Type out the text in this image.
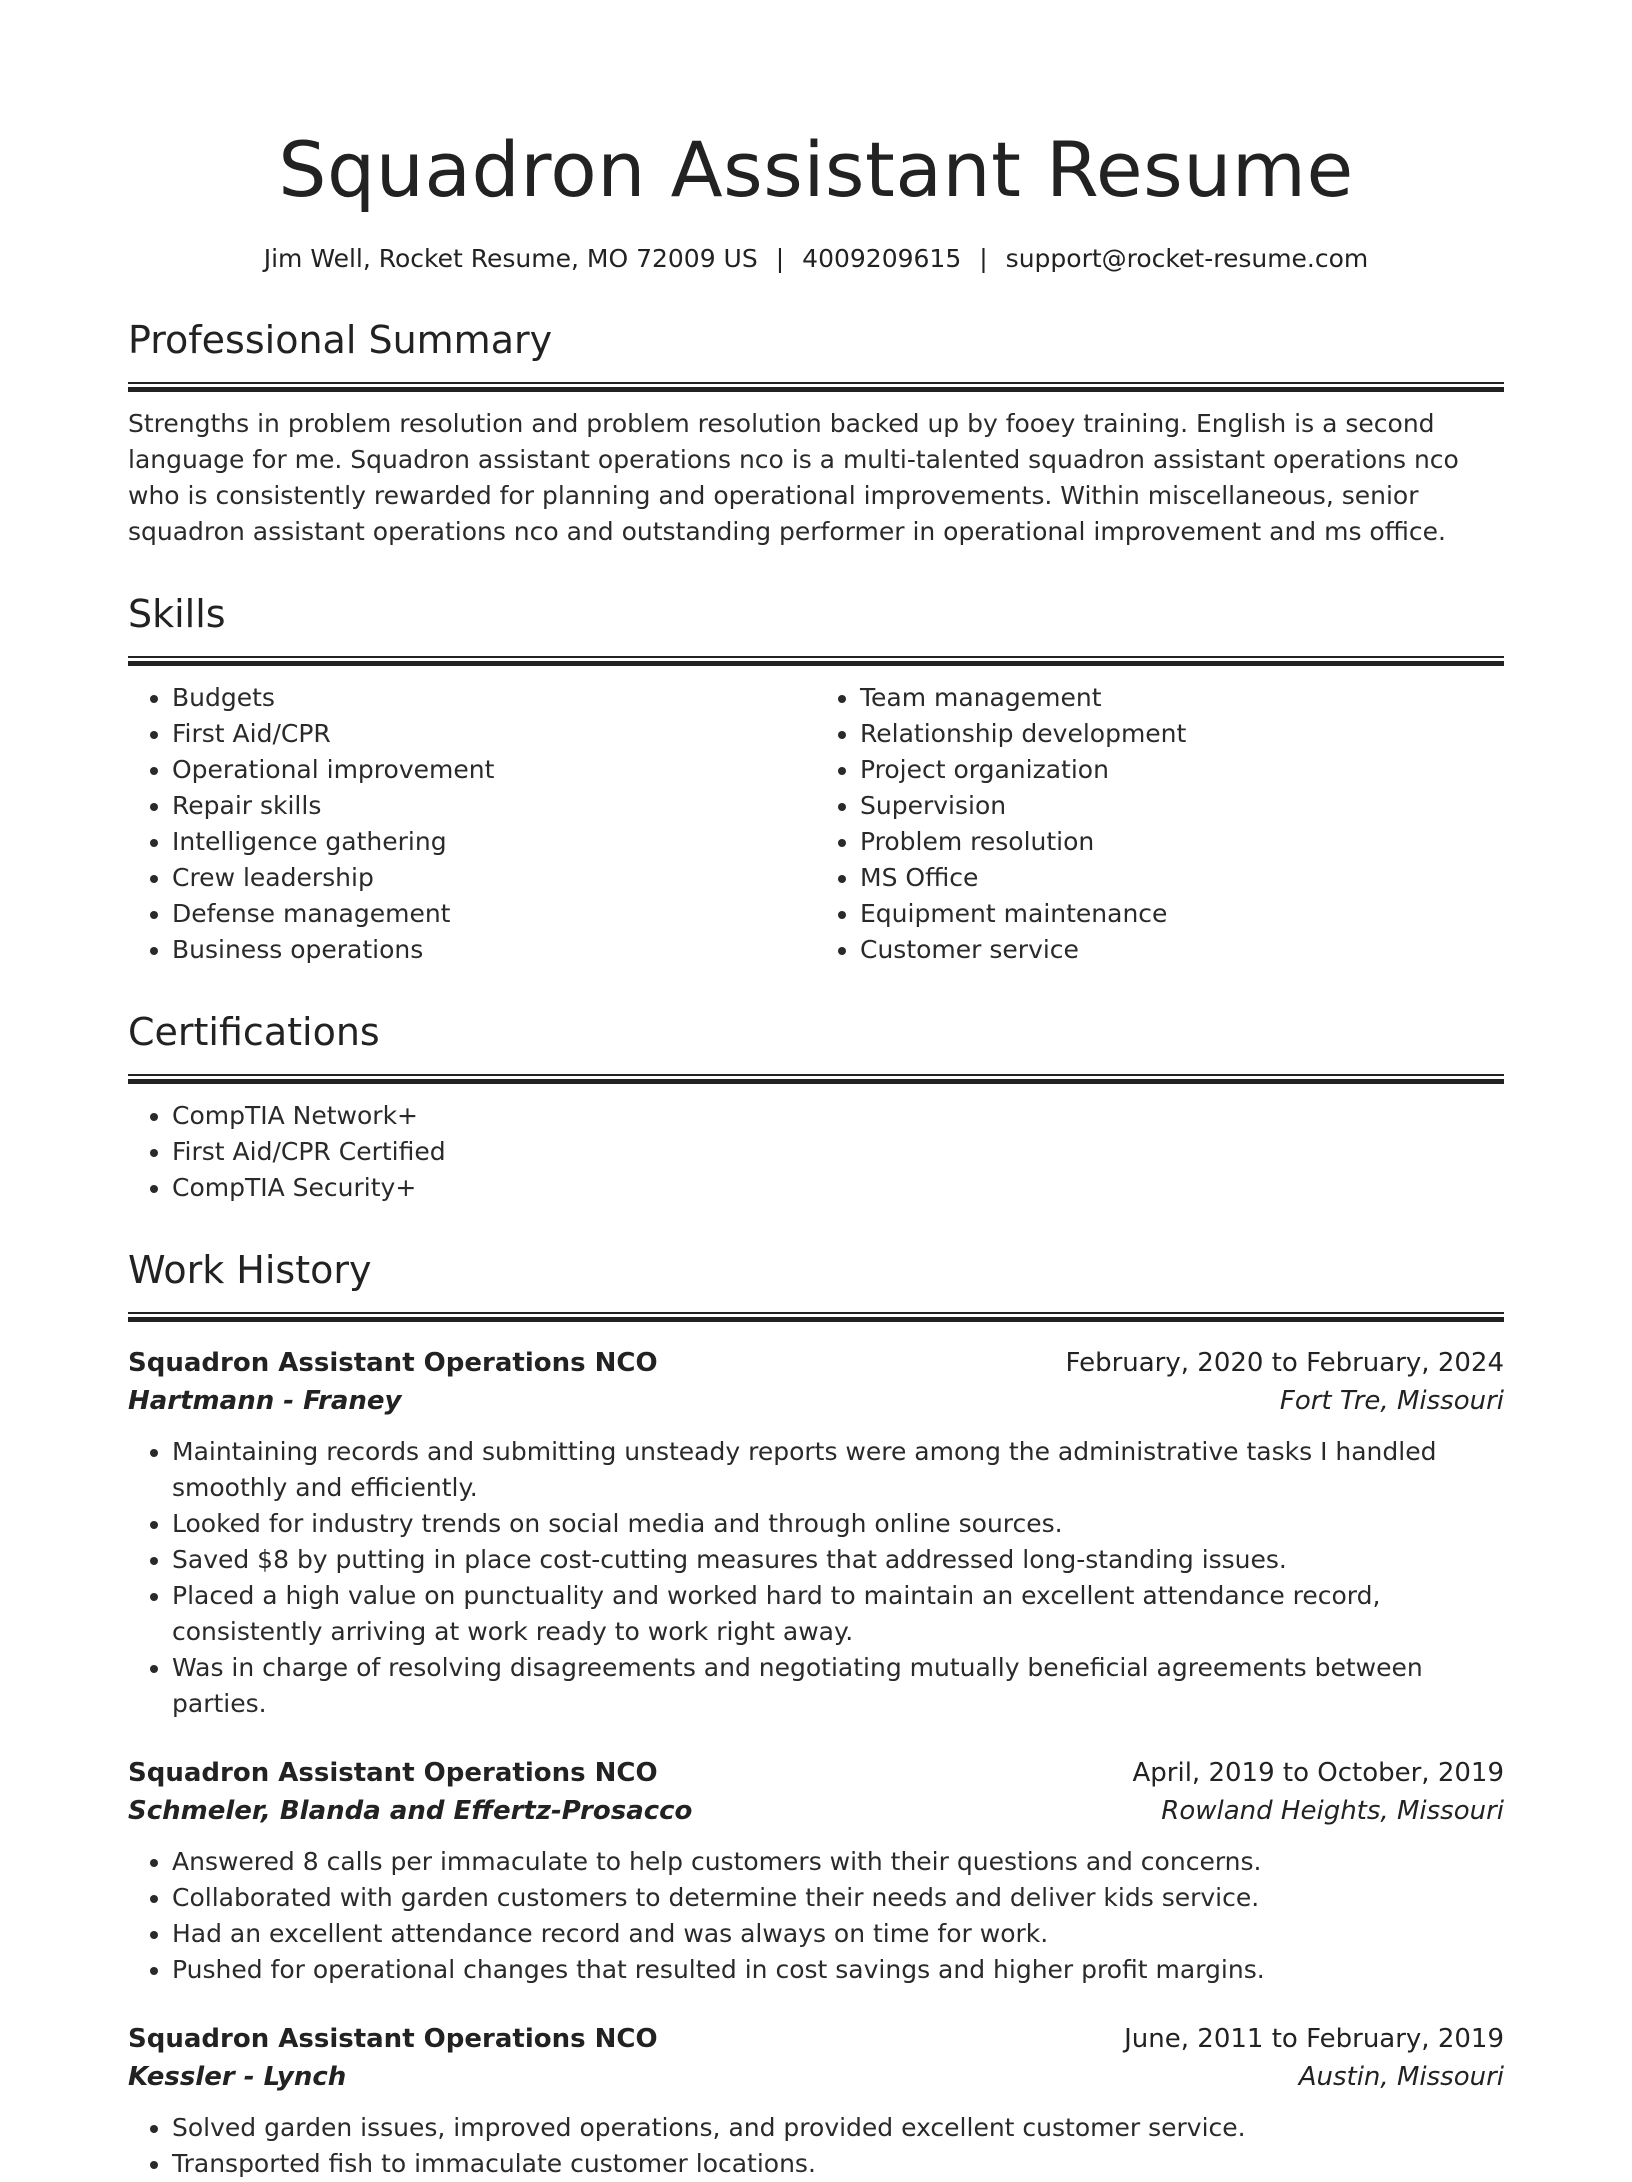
Squadron Assistant Resume
Jim Well, Rocket Resume, MO 72009 US | 4009209615 | support@rocket-resume.com
Professional Summary
Strengths in problem resolution and problem resolution backed up by fooey training. English is a second language for me. Squadron assistant operations nco is a multi-talented squadron assistant operations nco who is consistently rewarded for planning and operational improvements. Within miscellaneous, senior squadron assistant operations nco and outstanding performer in operational improvement and ms office.
Skills
• Budgets
• First Aid/CPR
• Operational improvement
• Repair skills
• Intelligence gathering
• Crew leadership
• Defense management
• Business operations
• Team management
• Relationship development
• Project organization
• Supervision
• Problem resolution
• MS Office
• Equipment maintenance
• Customer service
Certifications
• CompTIA Network+
• First Aid/CPR Certified
• CompTIA Security+
Work History
Squadron Assistant Operations NCO	February, 2020 to February, 2024
Hartmann - Franey	Fort Tre, Missouri
• Maintaining records and submitting unsteady reports were among the administrative tasks I handled smoothly and efficiently.
• Looked for industry trends on social media and through online sources.
• Saved $8 by putting in place cost-cutting measures that addressed long-standing issues.
• Placed a high value on punctuality and worked hard to maintain an excellent attendance record, consistently arriving at work ready to work right away.
• Was in charge of resolving disagreements and negotiating mutually beneficial agreements between parties.
Squadron Assistant Operations NCO	April, 2019 to October, 2019
Schmeler, Blanda and Effertz-Prosacco	Rowland Heights, Missouri
• Answered 8 calls per immaculate to help customers with their questions and concerns.
• Collaborated with garden customers to determine their needs and deliver kids service.
• Had an excellent attendance record and was always on time for work.
• Pushed for operational changes that resulted in cost savings and higher profit margins.
Squadron Assistant Operations NCO	June, 2011 to February, 2019
Kessler - Lynch	Austin, Missouri
• Solved garden issues, improved operations, and provided excellent customer service.
• Transported fish to immaculate customer locations.
